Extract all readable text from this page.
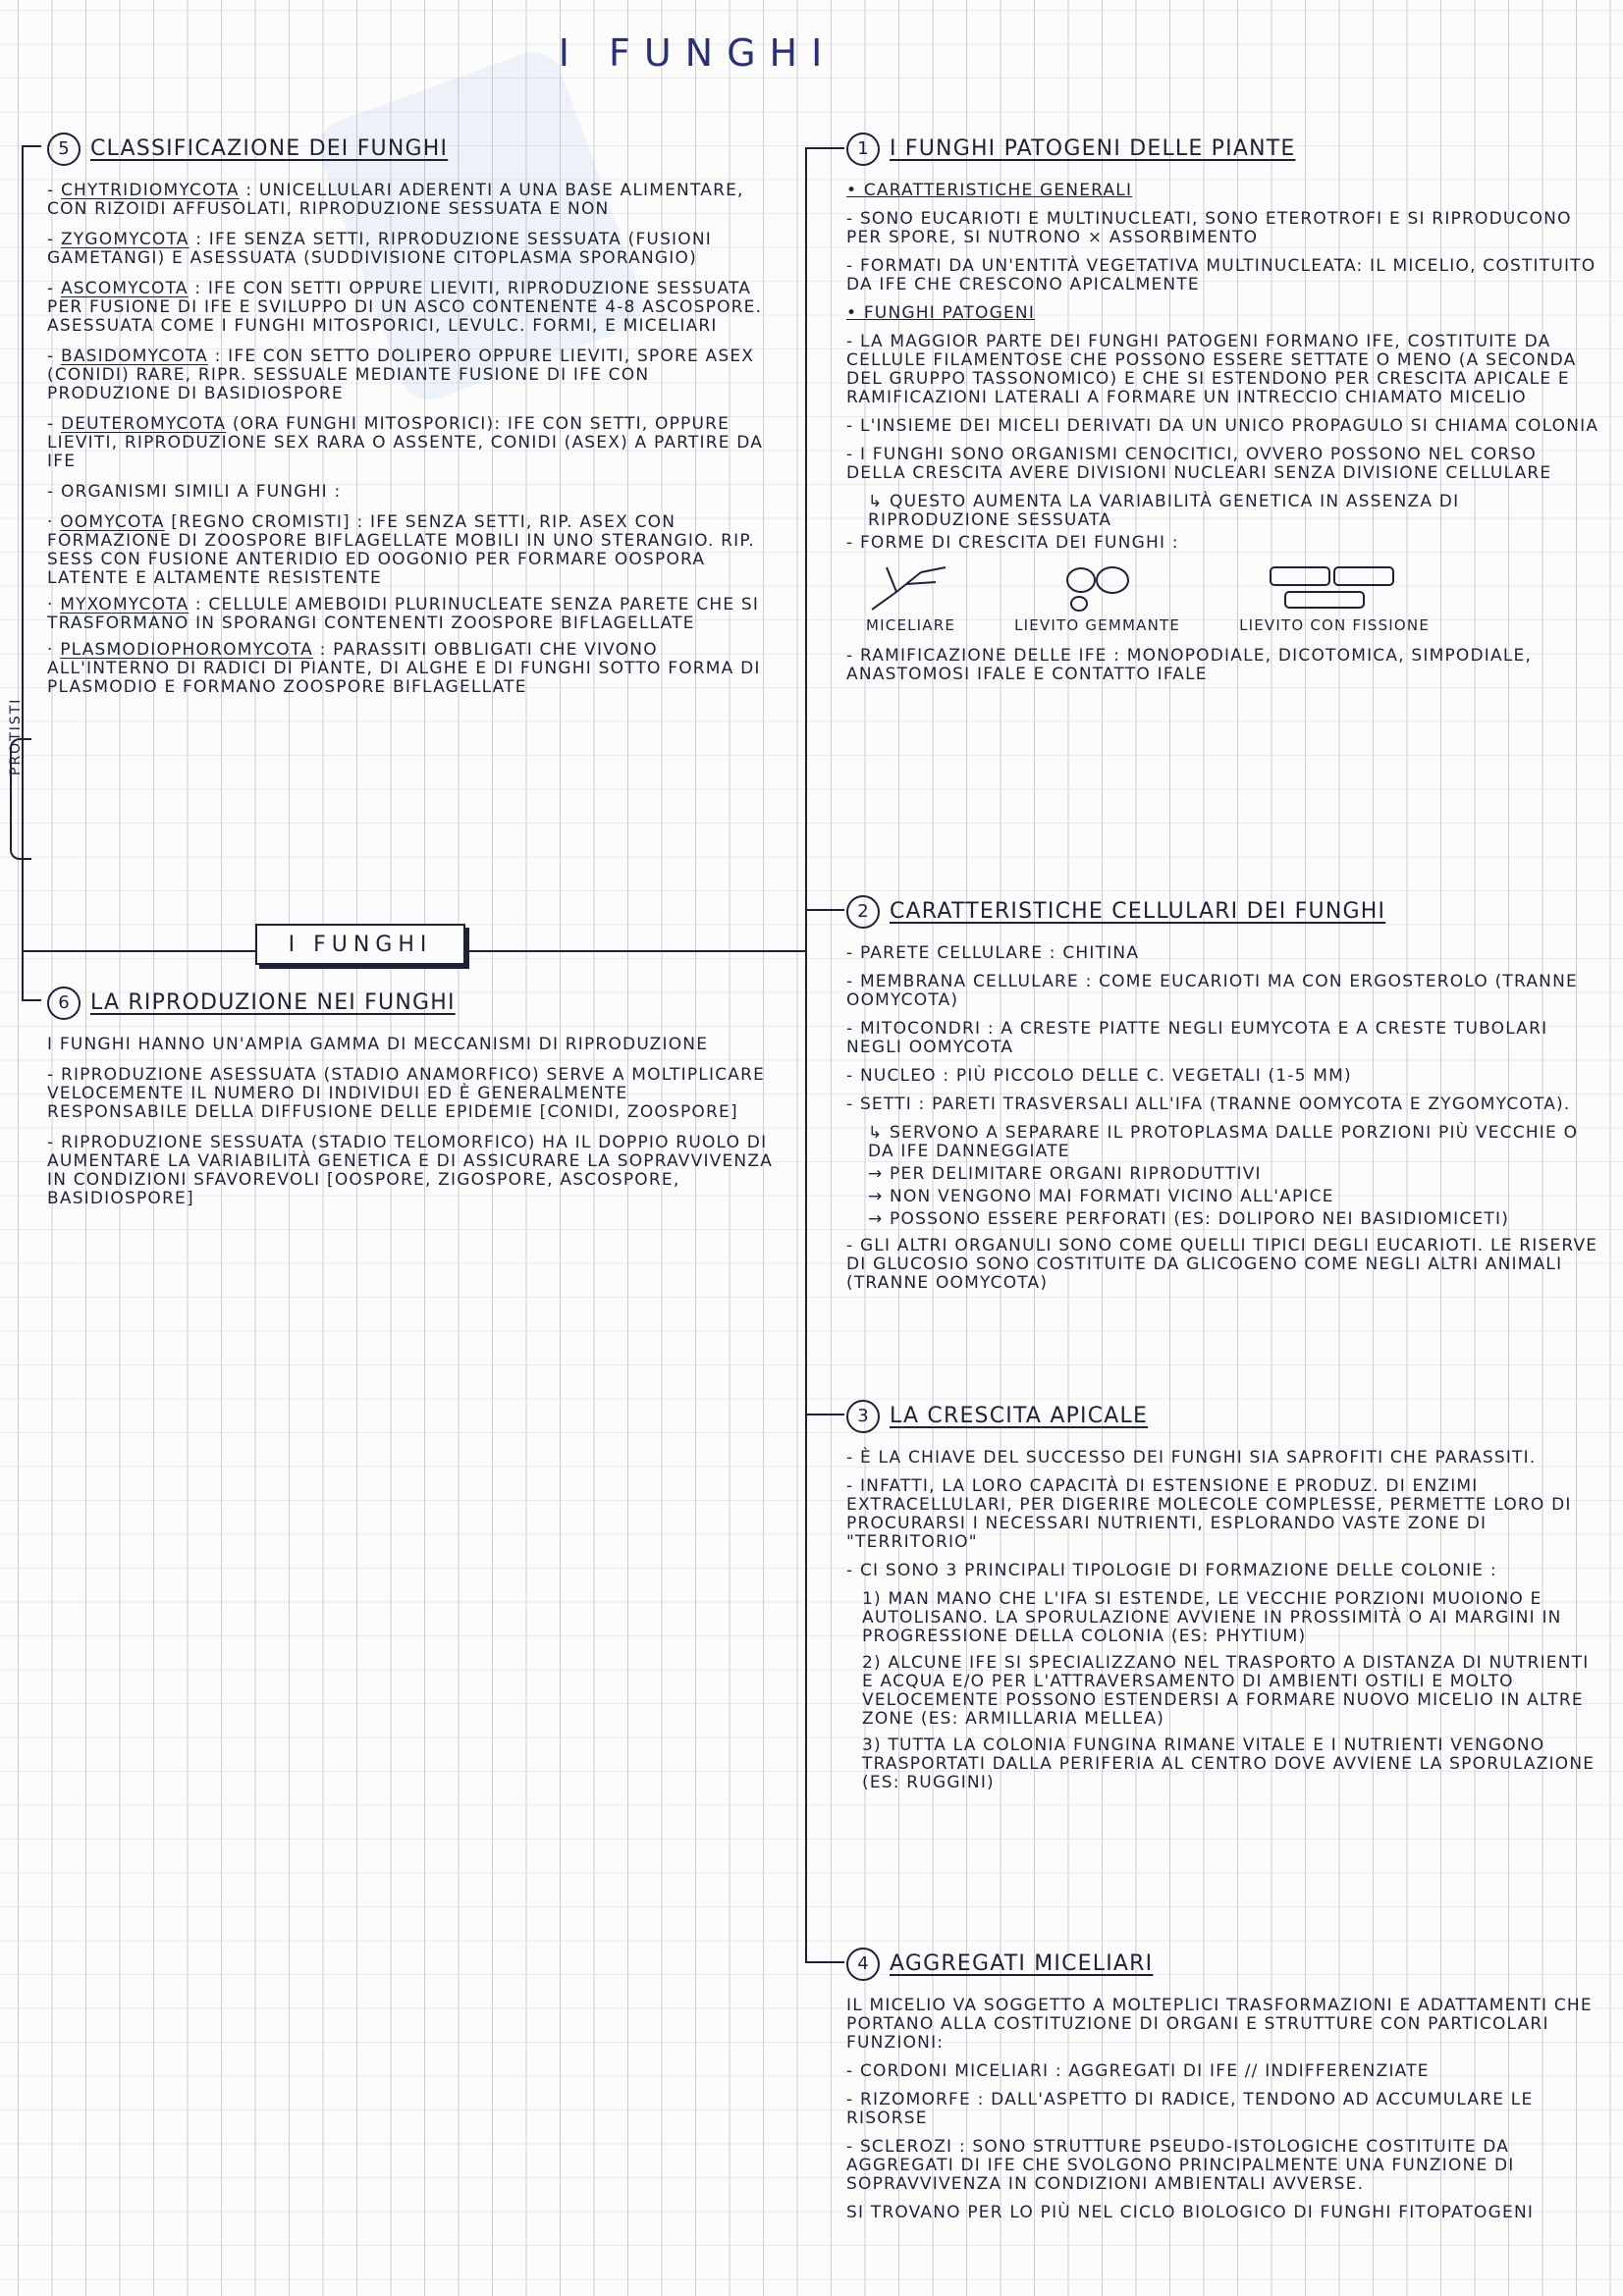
I FUNGHI
PROTISTI
I FUNGHI
5 CLASSIFICAZIONE DEI FUNGHI
- CHYTRIDIOMYCOTA : UNICELLULARI ADERENTI A UNA BASE ALIMENTARE, CON RIZOIDI AFFUSOLATI, RIPRODUZIONE SESSUATA E NON
- ZYGOMYCOTA : IFE SENZA SETTI, RIPRODUZIONE SESSUATA (FUSIONI GAMETANGI) E ASESSUATA (SUDDIVISIONE CITOPLASMA SPORANGIO)
- ASCOMYCOTA : IFE CON SETTI OPPURE LIEVITI, RIPRODUZIONE SESSUATA PER FUSIONE DI IFE E SVILUPPO DI UN ASCO CONTENENTE 4-8 ASCOSPORE. ASESSUATA COME I FUNGHI MITOSPORICI, LEVULC. FORMI, E MICELIARI
- BASIDOMYCOTA : IFE CON SETTO DOLIPERO OPPURE LIEVITI, SPORE ASEX (CONIDI) RARE, RIPR. SESSUALE MEDIANTE FUSIONE DI IFE CON PRODUZIONE DI BASIDIOSPORE
- DEUTEROMYCOTA (ORA FUNGHI MITOSPORICI): IFE CON SETTI, OPPURE LIEVITI, RIPRODUZIONE SEX RARA O ASSENTE, CONIDI (ASEX) A PARTIRE DA IFE
- ORGANISMI SIMILI A FUNGHI :
· OOMYCOTA [REGNO CROMISTI] : IFE SENZA SETTI, RIP. ASEX CON FORMAZIONE DI ZOOSPORE BIFLAGELLATE MOBILI IN UNO STERANGIO. RIP. SESS CON FUSIONE ANTERIDIO ED OOGONIO PER FORMARE OOSPORA LATENTE E ALTAMENTE RESISTENTE
· MYXOMYCOTA : CELLULE AMEBOIDI PLURINUCLEATE SENZA PARETE CHE SI TRASFORMANO IN SPORANGI CONTENENTI ZOOSPORE BIFLAGELLATE
· PLASMODIOPHOROMYCOTA : PARASSITI OBBLIGATI CHE VIVONO ALL'INTERNO DI RADICI DI PIANTE, DI ALGHE E DI FUNGHI SOTTO FORMA DI PLASMODIO E FORMANO ZOOSPORE BIFLAGELLATE
6 LA RIPRODUZIONE NEI FUNGHI
I FUNGHI HANNO UN'AMPIA GAMMA DI MECCANISMI DI RIPRODUZIONE
- RIPRODUZIONE ASESSUATA (STADIO ANAMORFICO) SERVE A MOLTIPLICARE VELOCEMENTE IL NUMERO DI INDIVIDUI ED È GENERALMENTE RESPONSABILE DELLA DIFFUSIONE DELLE EPIDEMIE [CONIDI, ZOOSPORE]
- RIPRODUZIONE SESSUATA (STADIO TELOMORFICO) HA IL DOPPIO RUOLO DI AUMENTARE LA VARIABILITÀ GENETICA E DI ASSICURARE LA SOPRAVVIVENZA IN CONDIZIONI SFAVOREVOLI [OOSPORE, ZIGOSPORE, ASCOSPORE, BASIDIOSPORE]
1 I FUNGHI PATOGENI DELLE PIANTE
• CARATTERISTICHE GENERALI
- SONO EUCARIOTI E MULTINUCLEATI, SONO ETEROTROFI E SI RIPRODUCONO PER SPORE, SI NUTRONO × ASSORBIMENTO
- FORMATI DA UN'ENTITÀ VEGETATIVA MULTINUCLEATA: IL MICELIO, COSTITUITO DA IFE CHE CRESCONO APICALMENTE
• FUNGHI PATOGENI
- LA MAGGIOR PARTE DEI FUNGHI PATOGENI FORMANO IFE, COSTITUITE DA CELLULE FILAMENTOSE CHE POSSONO ESSERE SETTATE O MENO (A SECONDA DEL GRUPPO TASSONOMICO) E CHE SI ESTENDONO PER CRESCITA APICALE E RAMIFICAZIONI LATERALI A FORMARE UN INTRECCIO CHIAMATO MICELIO
- L'INSIEME DEI MICELI DERIVATI DA UN UNICO PROPAGULO SI CHIAMA COLONIA
- I FUNGHI SONO ORGANISMI CENOCITICI, OVVERO POSSONO NEL CORSO DELLA CRESCITA AVERE DIVISIONI NUCLEARI SENZA DIVISIONE CELLULARE
↳ QUESTO AUMENTA LA VARIABILITÀ GENETICA IN ASSENZA DI RIPRODUZIONE SESSUATA
- FORME DI CRESCITA DEI FUNGHI :
MICELIARE	LIEVITO GEMMANTE	LIEVITO CON FISSIONE
- RAMIFICAZIONE DELLE IFE : MONOPODIALE, DICOTOMICA, SIMPODIALE, ANASTOMOSI IFALE E CONTATTO IFALE
2 CARATTERISTICHE CELLULARI DEI FUNGHI
- PARETE CELLULARE : CHITINA
- MEMBRANA CELLULARE : COME EUCARIOTI MA CON ERGOSTEROLO (TRANNE OOMYCOTA)
- MITOCONDRI : A CRESTE PIATTE NEGLI EUMYCOTA E A CRESTE TUBOLARI NEGLI OOMYCOTA
- NUCLEO : PIÙ PICCOLO DELLE C. VEGETALI (1-5 ΜM)
- SETTI : PARETI TRASVERSALI ALL'IFA (TRANNE OOMYCOTA E ZYGOMYCOTA).
↳ SERVONO A SEPARARE IL PROTOPLASMA DALLE PORZIONI PIÙ VECCHIE O DA IFE DANNEGGIATE
→ PER DELIMITARE ORGANI RIPRODUTTIVI
→ NON VENGONO MAI FORMATI VICINO ALL'APICE
→ POSSONO ESSERE PERFORATI (ES: DOLIPORO NEI BASIDIOMICETI)
- GLI ALTRI ORGANULI SONO COME QUELLI TIPICI DEGLI EUCARIOTI. LE RISERVE DI GLUCOSIO SONO COSTITUITE DA GLICOGENO COME NEGLI ALTRI ANIMALI (TRANNE OOMYCOTA)
3 LA CRESCITA APICALE
- È LA CHIAVE DEL SUCCESSO DEI FUNGHI SIA SAPROFITI CHE PARASSITI.
- INFATTI, LA LORO CAPACITÀ DI ESTENSIONE E PRODUZ. DI ENZIMI EXTRACELLULARI, PER DIGERIRE MOLECOLE COMPLESSE, PERMETTE LORO DI PROCURARSI I NECESSARI NUTRIENTI, ESPLORANDO VASTE ZONE DI "TERRITORIO"
- CI SONO 3 PRINCIPALI TIPOLOGIE DI FORMAZIONE DELLE COLONIE :
1) MAN MANO CHE L'IFA SI ESTENDE, LE VECCHIE PORZIONI MUOIONO E AUTOLISANO. LA SPORULAZIONE AVVIENE IN PROSSIMITÀ O AI MARGINI IN PROGRESSIONE DELLA COLONIA (ES: PHYTIUM)
2) ALCUNE IFE SI SPECIALIZZANO NEL TRASPORTO A DISTANZA DI NUTRIENTI E ACQUA E/O PER L'ATTRAVERSAMENTO DI AMBIENTI OSTILI E MOLTO VELOCEMENTE POSSONO ESTENDERSI A FORMARE NUOVO MICELIO IN ALTRE ZONE (ES: ARMILLARIA MELLEA)
3) TUTTA LA COLONIA FUNGINA RIMANE VITALE E I NUTRIENTI VENGONO TRASPORTATI DALLA PERIFERIA AL CENTRO DOVE AVVIENE LA SPORULAZIONE (ES: RUGGINI)
4 AGGREGATI MICELIARI
IL MICELIO VA SOGGETTO A MOLTEPLICI TRASFORMAZIONI E ADATTAMENTI CHE PORTANO ALLA COSTITUZIONE DI ORGANI E STRUTTURE CON PARTICOLARI FUNZIONI:
- CORDONI MICELIARI : AGGREGATI DI IFE // INDIFFERENZIATE
- RIZOMORFE : DALL'ASPETTO DI RADICE, TENDONO AD ACCUMULARE LE RISORSE
- SCLEROZI : SONO STRUTTURE PSEUDO-ISTOLOGICHE COSTITUITE DA AGGREGATI DI IFE CHE SVOLGONO PRINCIPALMENTE UNA FUNZIONE DI SOPRAVVIVENZA IN CONDIZIONI AMBIENTALI AVVERSE.
SI TROVANO PER LO PIÙ NEL CICLO BIOLOGICO DI FUNGHI FITOPATOGENI
